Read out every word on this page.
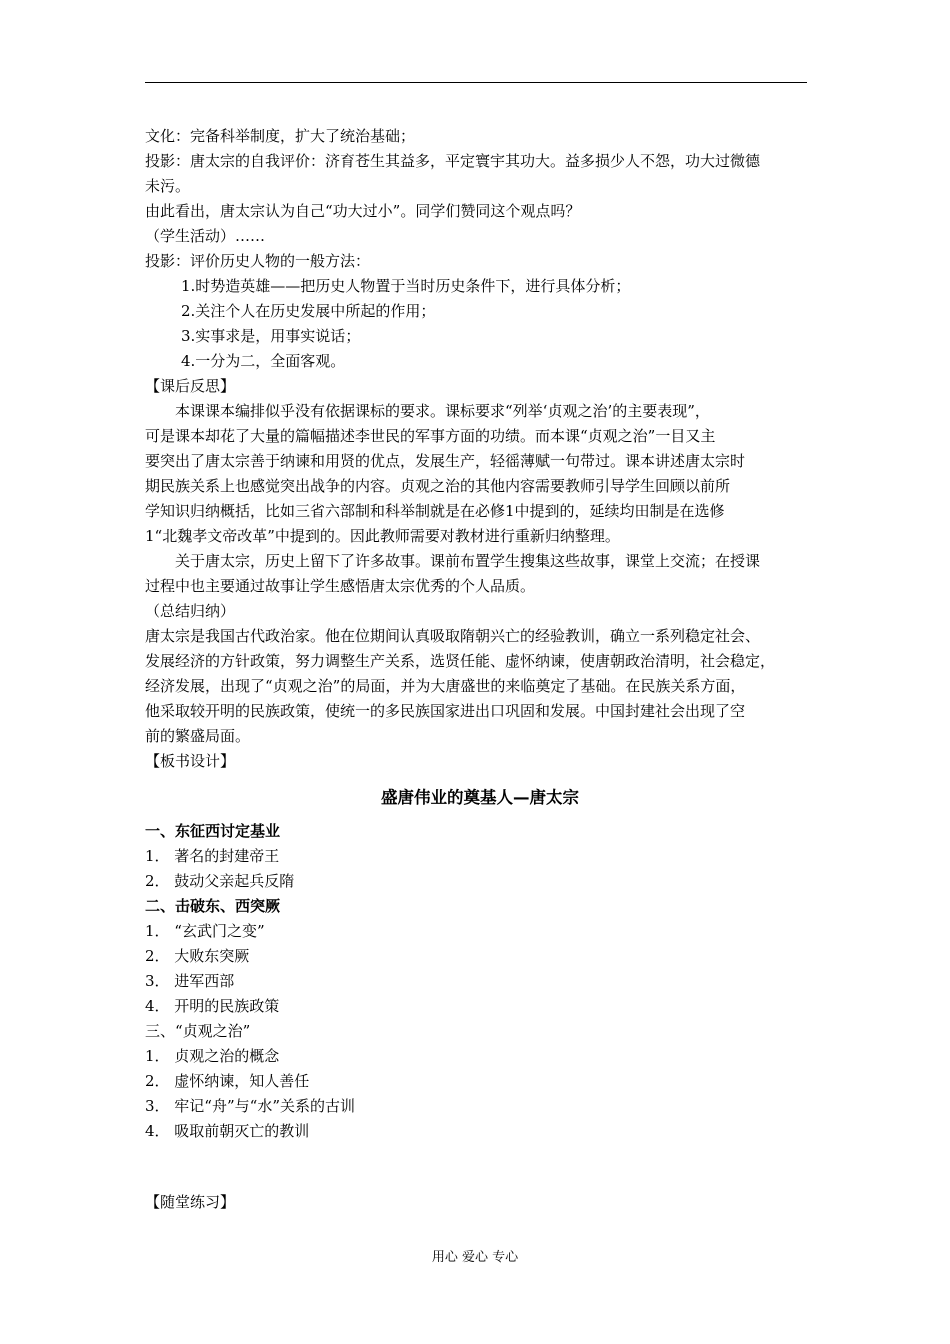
文化：完备科举制度，扩大了统治基础；

投影：唐太宗的自我评价：济育苍生其益多，平定寰宇其功大。益多损少人不怨，功大过微德

未污。

由此看出，唐太宗认为自己“功大过小”。同学们赞同这个观点吗？

（学生活动）……

投影：评价历史人物的一般方法：

1.时势造英雄——把历史人物置于当时历史条件下，进行具体分析；

2.关注个人在历史发展中所起的作用；

3.实事求是，用事实说话；

4.一分为二，全面客观。

【课后反思】

本课课本编排似乎没有依据课标的要求。课标要求“列举‘贞观之治’的主要表现”，

可是课本却花了大量的篇幅描述李世民的军事方面的功绩。而本课“贞观之治”一目又主

要突出了唐太宗善于纳谏和用贤的优点，发展生产，轻徭薄赋一句带过。课本讲述唐太宗时

期民族关系上也感觉突出战争的内容。贞观之治的其他内容需要教师引导学生回顾以前所

学知识归纳概括，比如三省六部制和科举制就是在必修1中提到的，延续均田制是在选修

1“北魏孝文帝改革”中提到的。因此教师需要对教材进行重新归纳整理。

关于唐太宗，历史上留下了许多故事。课前布置学生搜集这些故事，课堂上交流；在授课

过程中也主要通过故事让学生感悟唐太宗优秀的个人品质。

（总结归纳）

唐太宗是我国古代政治家。他在位期间认真吸取隋朝兴亡的经验教训，确立一系列稳定社会、

发展经济的方针政策，努力调整生产关系，选贤任能、虚怀纳谏，使唐朝政治清明，社会稳定，

经济发展，出现了“贞观之治”的局面，并为大唐盛世的来临奠定了基础。在民族关系方面，

他采取较开明的民族政策，使统一的多民族国家进出口巩固和发展。中国封建社会出现了空

前的繁盛局面。

【板书设计】

盛唐伟业的奠基人—唐太宗

一、东征西讨定基业

1． 著名的封建帝王

2． 鼓动父亲起兵反隋

二、击破东、西突厥

1． “玄武门之变”

2． 大败东突厥

3． 进军西部

4． 开明的民族政策

三、“贞观之治”

1． 贞观之治的概念

2． 虚怀纳谏，知人善任

3． 牢记“舟”与“水”关系的古训

4． 吸取前朝灭亡的教训

【随堂练习】

用心 爱心 专心
